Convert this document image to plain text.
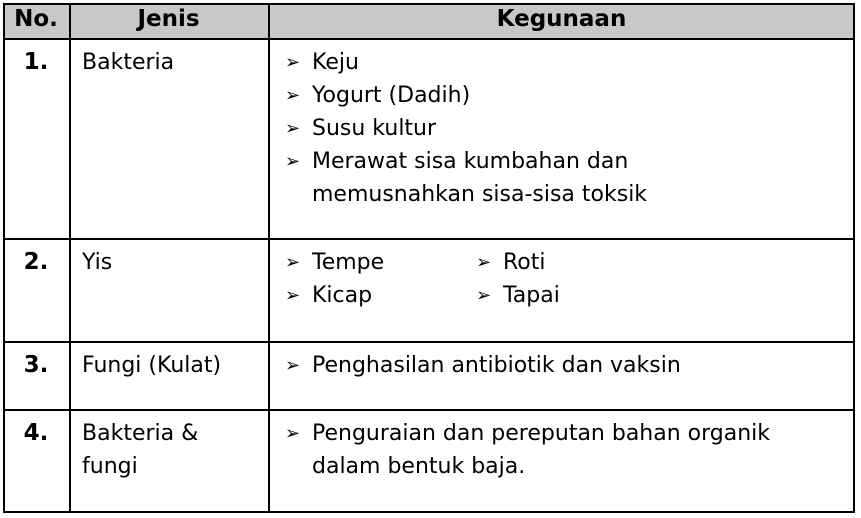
No.	Jenis	Kegunaan
1.	Bakteria	➢ Keju
➢ Yogurt (Dadih)
➢ Susu kultur
➢ Merawat sisa kumbahan dan memusnahkan sisa-sisa toksik
2.	Yis	➢ Tempe	➢ Roti
➢ Kicap	➢ Tapai
3.	Fungi (Kulat)	➢ Penghasilan antibiotik dan vaksin
4.	Bakteria & fungi
➢ Penguraian dan pereputan bahan organik dalam bentuk baja.
